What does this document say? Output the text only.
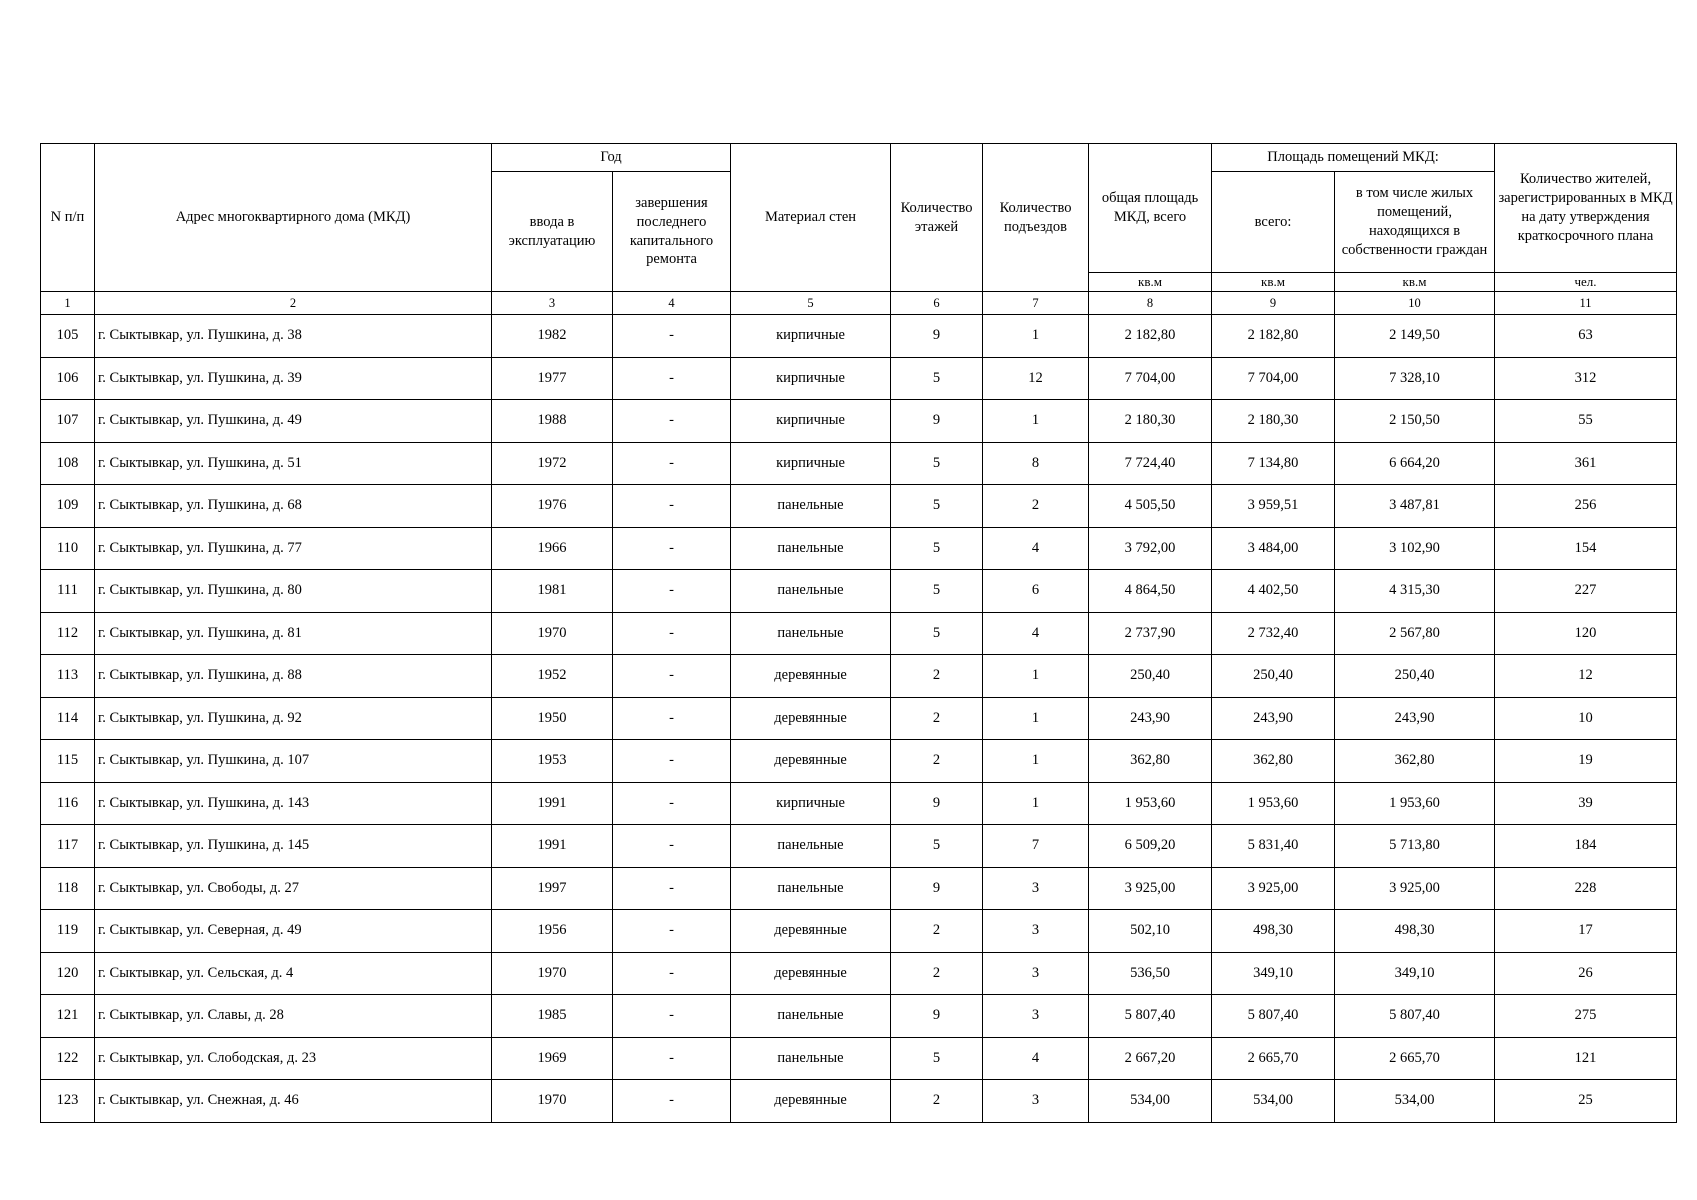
N п/п	Адрес многоквартирного дома (МКД)	Год		Материал стен	Количество этажей	Количество подъездов	общая площадь МКД, всего	Площадь помещений МКД:		Количество жителей, зарегистрированных в МКД на дату утверждения краткосрочного плана
		ввода в эксплуатацию	завершения последнего капитального ремонта					всего:	в том числе жилых помещений, находящихся в собственности граждан	
							кв.м	кв.м	кв.м	чел.
1	2	3	4	5	6	7	8	9	10	11
105	г. Сыктывкар, ул. Пушкина, д. 38	1982	-	кирпичные	9	1	2 182,80	2 182,80	2 149,50	63
106	г. Сыктывкар, ул. Пушкина, д. 39	1977	-	кирпичные	5	12	7 704,00	7 704,00	7 328,10	312
107	г. Сыктывкар, ул. Пушкина, д. 49	1988	-	кирпичные	9	1	2 180,30	2 180,30	2 150,50	55
108	г. Сыктывкар, ул. Пушкина, д. 51	1972	-	кирпичные	5	8	7 724,40	7 134,80	6 664,20	361
109	г. Сыктывкар, ул. Пушкина, д. 68	1976	-	панельные	5	2	4 505,50	3 959,51	3 487,81	256
110	г. Сыктывкар, ул. Пушкина, д. 77	1966	-	панельные	5	4	3 792,00	3 484,00	3 102,90	154
111	г. Сыктывкар, ул. Пушкина, д. 80	1981	-	панельные	5	6	4 864,50	4 402,50	4 315,30	227
112	г. Сыктывкар, ул. Пушкина, д. 81	1970	-	панельные	5	4	2 737,90	2 732,40	2 567,80	120
113	г. Сыктывкар, ул. Пушкина, д. 88	1952	-	деревянные	2	1	250,40	250,40	250,40	12
114	г. Сыктывкар, ул. Пушкина, д. 92	1950	-	деревянные	2	1	243,90	243,90	243,90	10
115	г. Сыктывкар, ул. Пушкина, д. 107	1953	-	деревянные	2	1	362,80	362,80	362,80	19
116	г. Сыктывкар, ул. Пушкина, д. 143	1991	-	кирпичные	9	1	1 953,60	1 953,60	1 953,60	39
117	г. Сыктывкар, ул. Пушкина, д. 145	1991	-	панельные	5	7	6 509,20	5 831,40	5 713,80	184
118	г. Сыктывкар, ул. Свободы, д. 27	1997	-	панельные	9	3	3 925,00	3 925,00	3 925,00	228
119	г. Сыктывкар, ул. Северная, д. 49	1956	-	деревянные	2	3	502,10	498,30	498,30	17
120	г. Сыктывкар, ул. Сельская, д. 4	1970	-	деревянные	2	3	536,50	349,10	349,10	26
121	г. Сыктывкар, ул. Славы, д. 28	1985	-	панельные	9	3	5 807,40	5 807,40	5 807,40	275
122	г. Сыктывкар, ул. Слободская, д. 23	1969	-	панельные	5	4	2 667,20	2 665,70	2 665,70	121
123	г. Сыктывкар, ул. Снежная, д. 46	1970	-	деревянные	2	3	534,00	534,00	534,00	25
